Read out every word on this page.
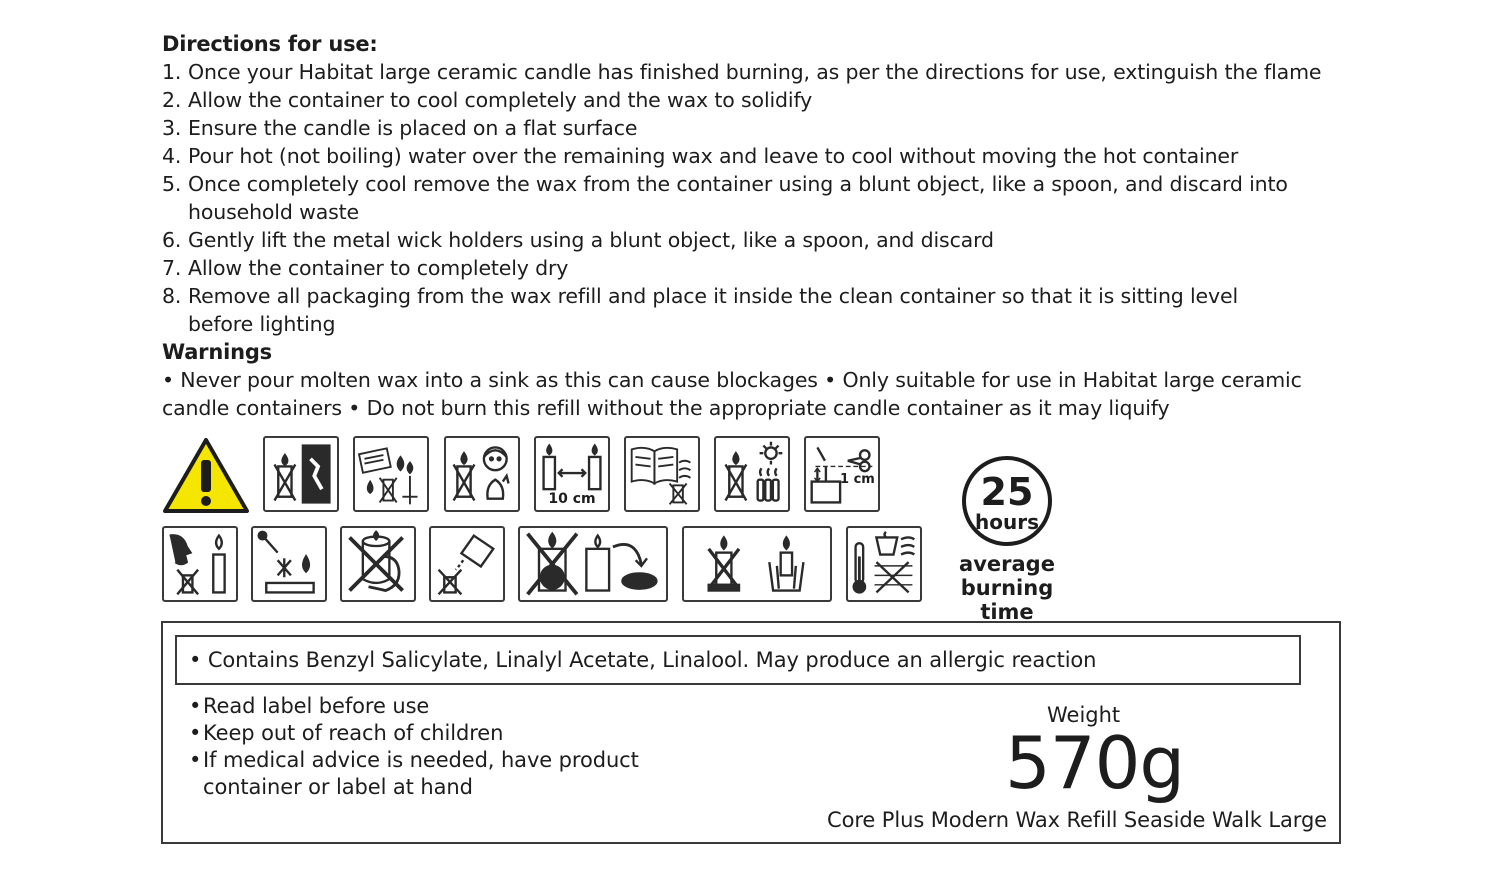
Directions for use:
1. Once your Habitat large ceramic candle has finished burning, as per the directions for use, extinguish the flame
2. Allow the container to cool completely and the wax to solidify
3. Ensure the candle is placed on a flat surface
4. Pour hot (not boiling) water over the remaining wax and leave to cool without moving the hot container
5. Once completely cool remove the wax from the container using a blunt object, like a spoon, and discard into household waste
6. Gently lift the metal wick holders using a blunt object, like a spoon, and discard
7. Allow the container to completely dry
8. Remove all packaging from the wax refill and place it inside the clean container so that it is sitting level before lighting
Warnings
• Never pour molten wax into a sink as this can cause blockages • Only suitable for use in Habitat large ceramic candle containers • Do not burn this refill without the appropriate candle container as it may liquify
10 cm
1 cm	25
hours
average burning time
• Contains Benzyl Salicylate, Linalyl Acetate, Linalool. May produce an allergic reaction
• Read label before use
• Keep out of reach of children
• If medical advice is needed, have product container or label at hand
Weight
570g
Core Plus Modern Wax Refill Seaside Walk Large
